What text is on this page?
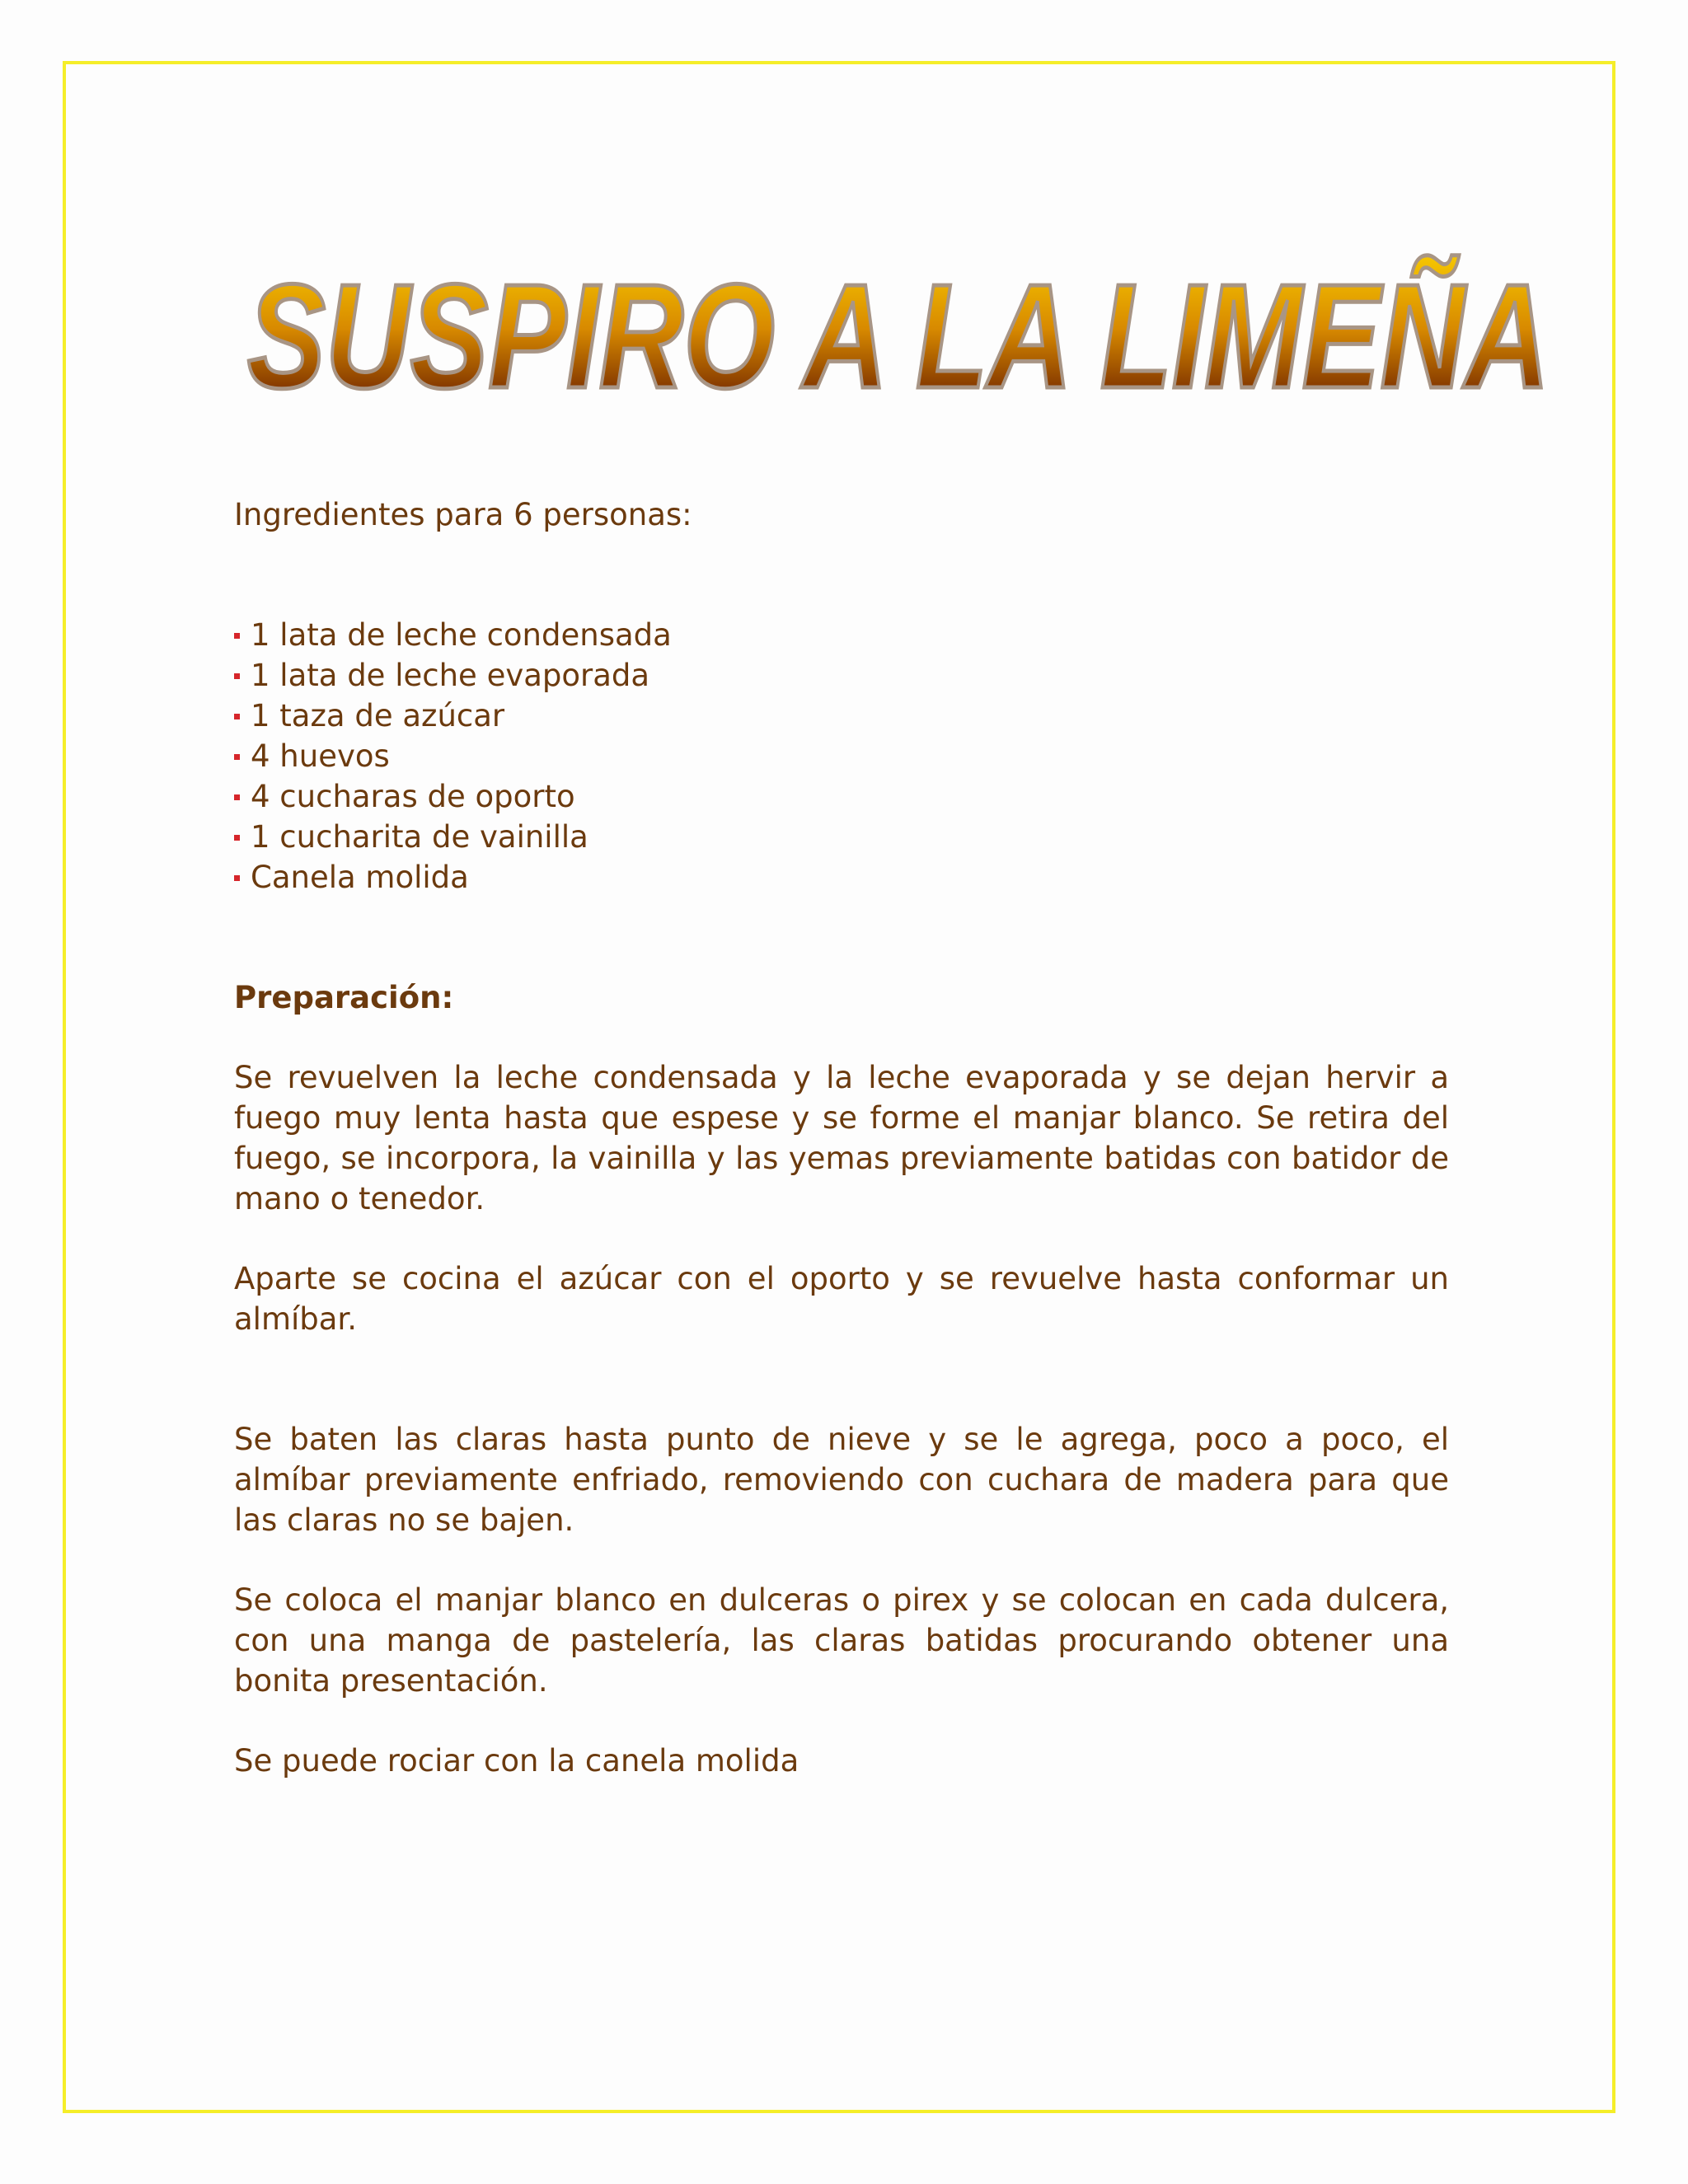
SUSPIRO A LA LIMEÑA

Ingredientes para 6 personas:

1 lata de leche condensada
1 lata de leche evaporada
1 taza de azúcar
4 huevos
4 cucharas de oporto
1 cucharita de vainilla
Canela molida

Preparación:

Se revuelven la leche condensada y la leche evaporada y se dejan hervir a fuego muy lenta hasta que espese y se forme el manjar blanco. Se retira del fuego, se incorpora, la vainilla y las yemas previamente batidas con batidor de mano o tenedor.

Aparte se cocina el azúcar con el oporto y se revuelve hasta conformar un almíbar.

Se baten las claras hasta punto de nieve y se le agrega, poco a poco, el almíbar previamente enfriado, removiendo con cuchara de madera para que las claras no se bajen.

Se coloca el manjar blanco en dulceras o pirex y se colocan en cada dulcera, con una manga de pastelería, las claras batidas procurando obtener una bonita presentación.

Se puede rociar con la canela molida
